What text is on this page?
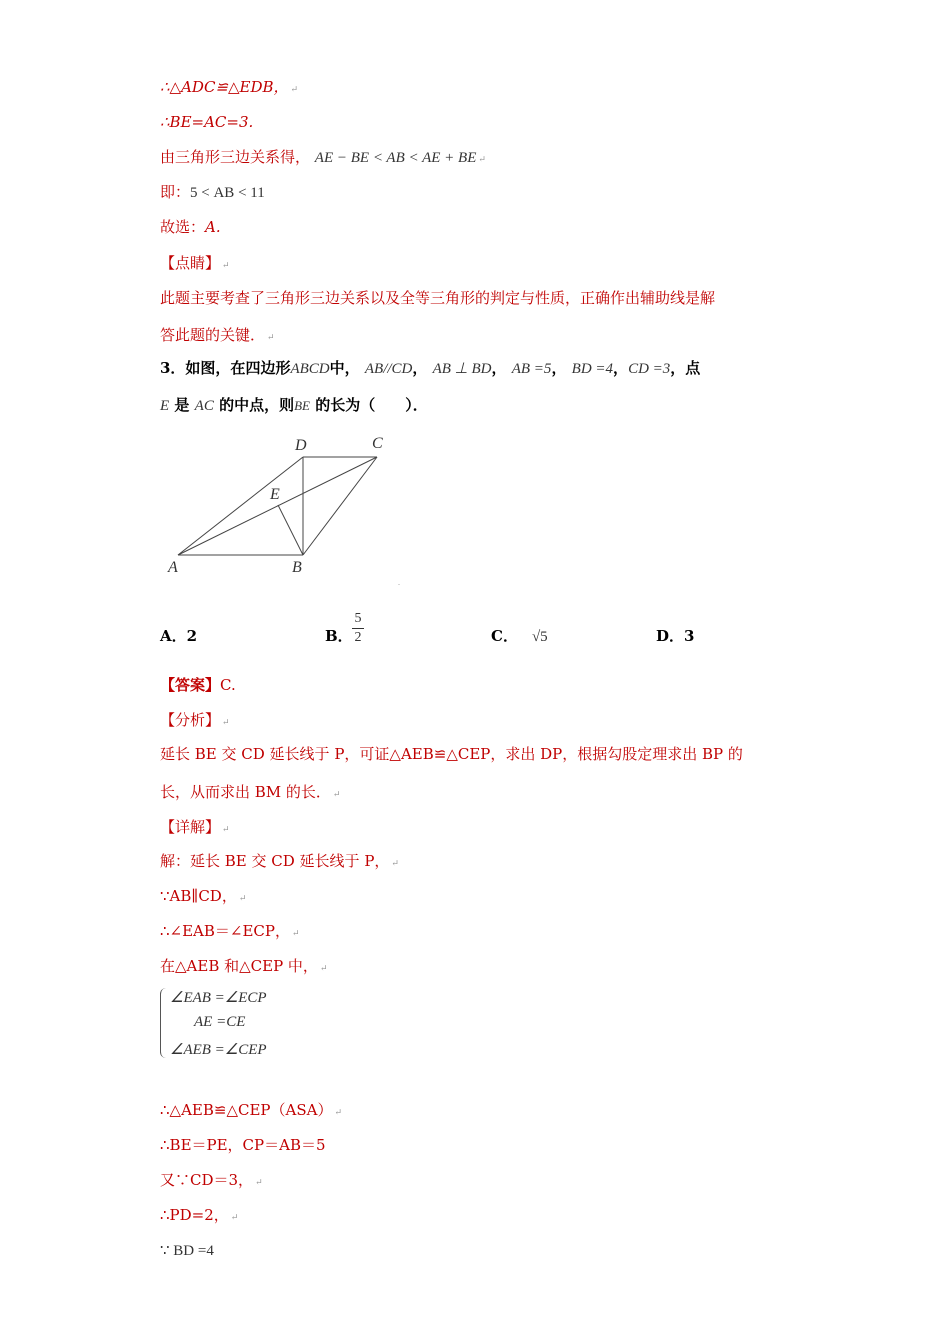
∴△ADC≌△EDB， ↵
∴BE=AC=3.
由三角形三边关系得， AE − BE < AB < AE + BE ↵
即：5 < AB < 11
故选：A.
【点睛】 ↵
此题主要考查了三角形三边关系以及全等三角形的判定与性质，正确作出辅助线是解
答此题的关键． ↵
3．如图，在四边形ABCD中， AB//CD， AB ⊥ BD， AB =5， BD =4，CD =3，点
E 是 AC 的中点，则BE 的长为（　　）．
A	B
C
D
E
.
A．2	B．
5
2	C． √5	D．3
【答案】C.
【分析】 ↵
延长 BE 交 CD 延长线于 P，可证△AEB≌△CEP，求出 DP，根据勾股定理求出 BP 的
长，从而求出 BM 的长． ↵
【详解】 ↵
解：延长 BE 交 CD 延长线于 P， ↵
∵AB∥CD， ↵
∴∠EAB＝∠ECP， ↵
在△AEB 和△CEP 中， ↵
∠EAB =∠ECP
AE =CE
∠AEB =∠CEP
∴△AEB≌△CEP（ASA） ↵
∴BE＝PE，CP＝AB＝5
又∵CD＝3， ↵
∴PD=2， ↵
∵ BD =4
